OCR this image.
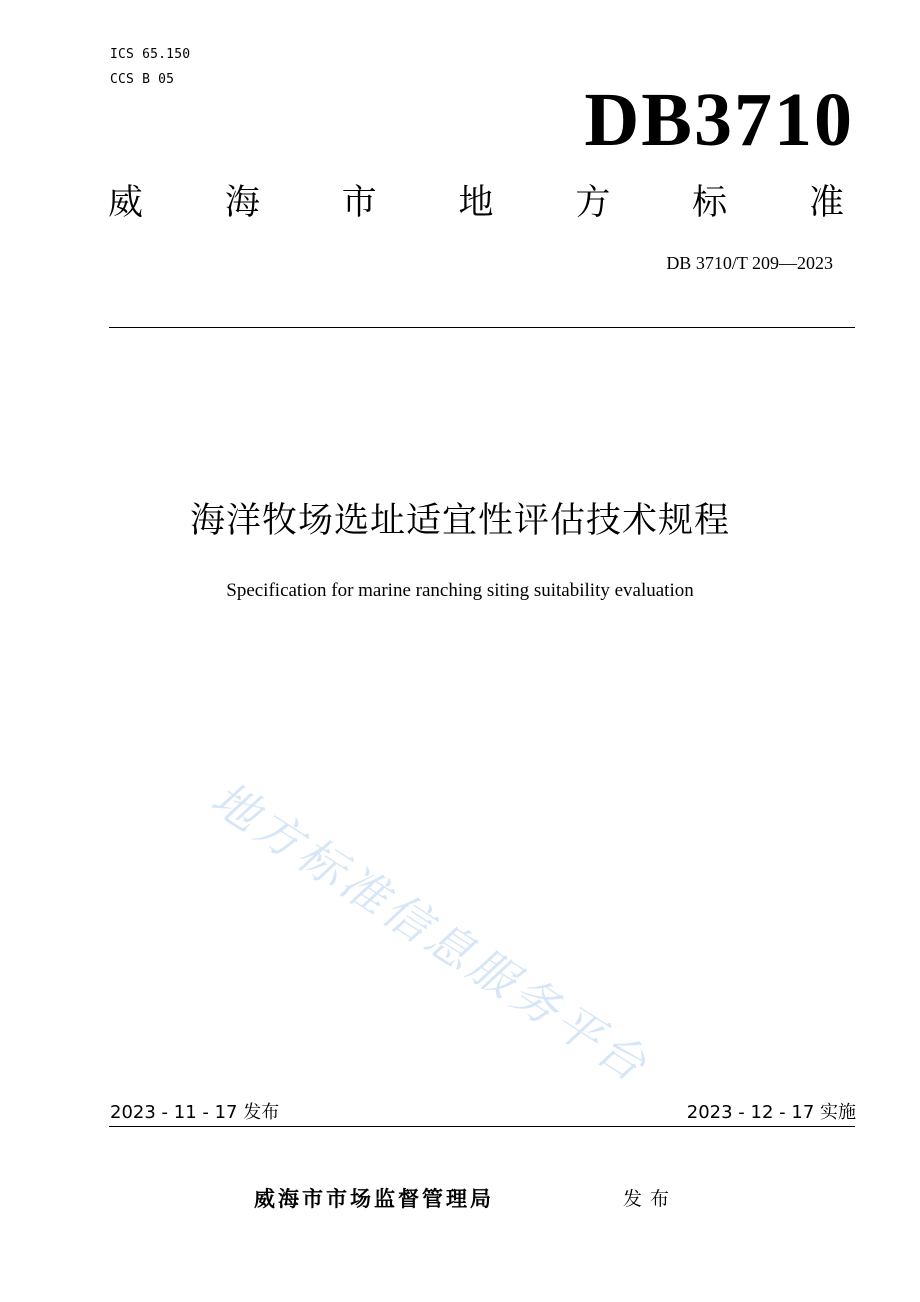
ICS 65.150
CCS B 05	DB3710
威 海 市 地 方 标 准
DB 3710/T 209—2023
海洋牧场选址适宜性评估技术规程
Specification for marine ranching siting suitability evaluation
地方标准信息服务平台
2023 - 11 - 17 发布	2023 - 12 - 17 实施
威海市市场监督管理局	发布
